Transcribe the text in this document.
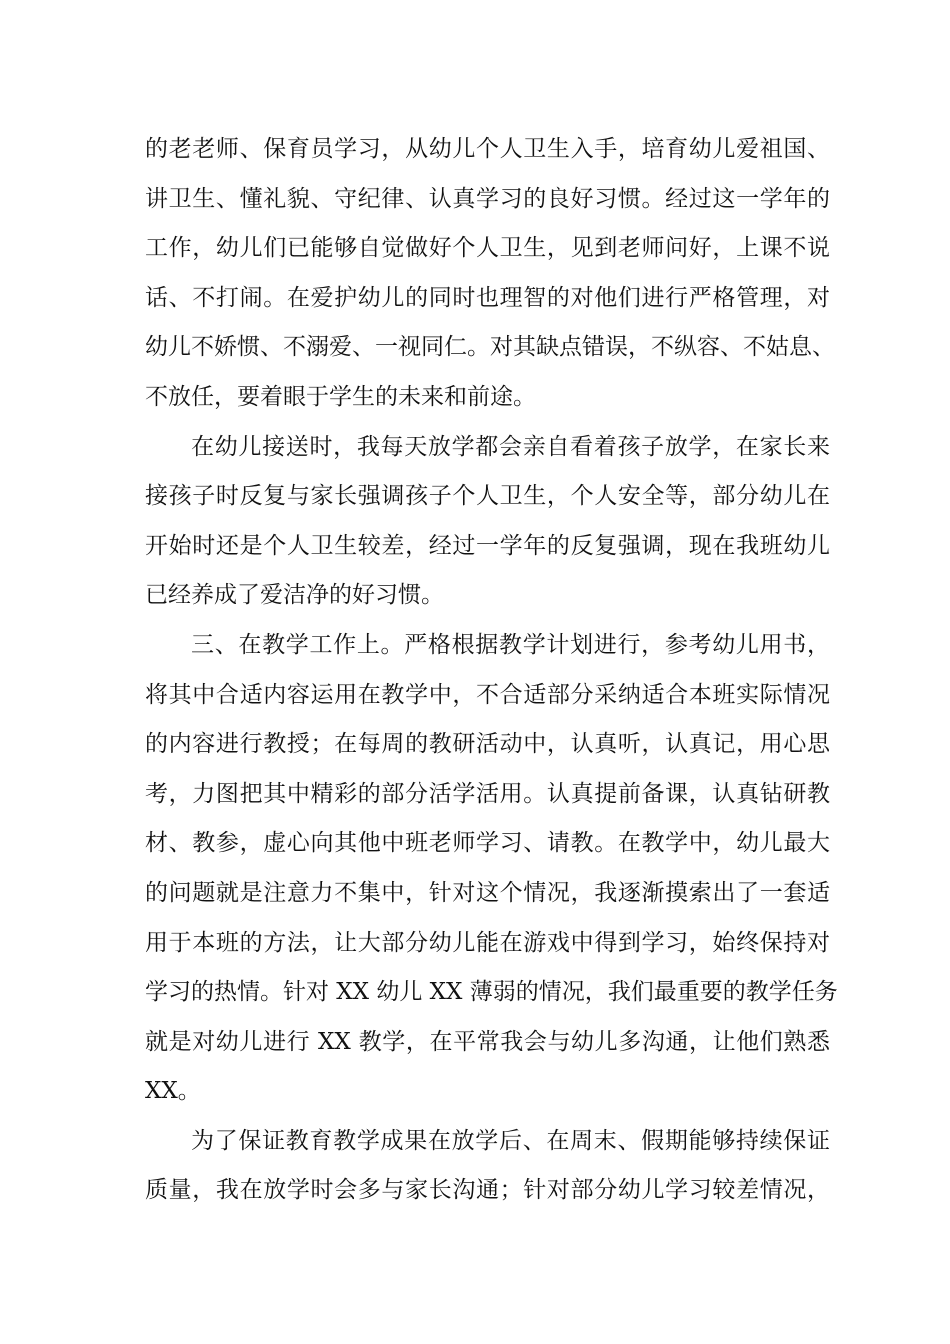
的老老师、保育员学习，从幼儿个人卫生入手，培育幼儿爱祖国、
讲卫生、懂礼貌、守纪律、认真学习的良好习惯。经过这一学年的
工作，幼儿们已能够自觉做好个人卫生，见到老师问好，上课不说
话、不打闹。在爱护幼儿的同时也理智的对他们进行严格管理，对
幼儿不娇惯、不溺爱、一视同仁。对其缺点错误，不纵容、不姑息、
不放任，要着眼于学生的未来和前途。
在幼儿接送时，我每天放学都会亲自看着孩子放学，在家长来
接孩子时反复与家长强调孩子个人卫生，个人安全等，部分幼儿在
开始时还是个人卫生较差，经过一学年的反复强调，现在我班幼儿
已经养成了爱洁净的好习惯。
三、在教学工作上。严格根据教学计划进行，参考幼儿用书，
将其中合适内容运用在教学中，不合适部分采纳适合本班实际情况
的内容进行教授；在每周的教研活动中，认真听，认真记，用心思
考，力图把其中精彩的部分活学活用。认真提前备课，认真钻研教
材、教参，虚心向其他中班老师学习、请教。在教学中，幼儿最大
的问题就是注意力不集中，针对这个情况，我逐渐摸索出了一套适
用于本班的方法，让大部分幼儿能在游戏中得到学习，始终保持对
学习的热情。针对 XX 幼儿 XX 薄弱的情况，我们最重要的教学任务
就是对幼儿进行 XX 教学，在平常我会与幼儿多沟通，让他们熟悉
XX。
为了保证教育教学成果在放学后、在周末、假期能够持续保证
质量，我在放学时会多与家长沟通；针对部分幼儿学习较差情况，
